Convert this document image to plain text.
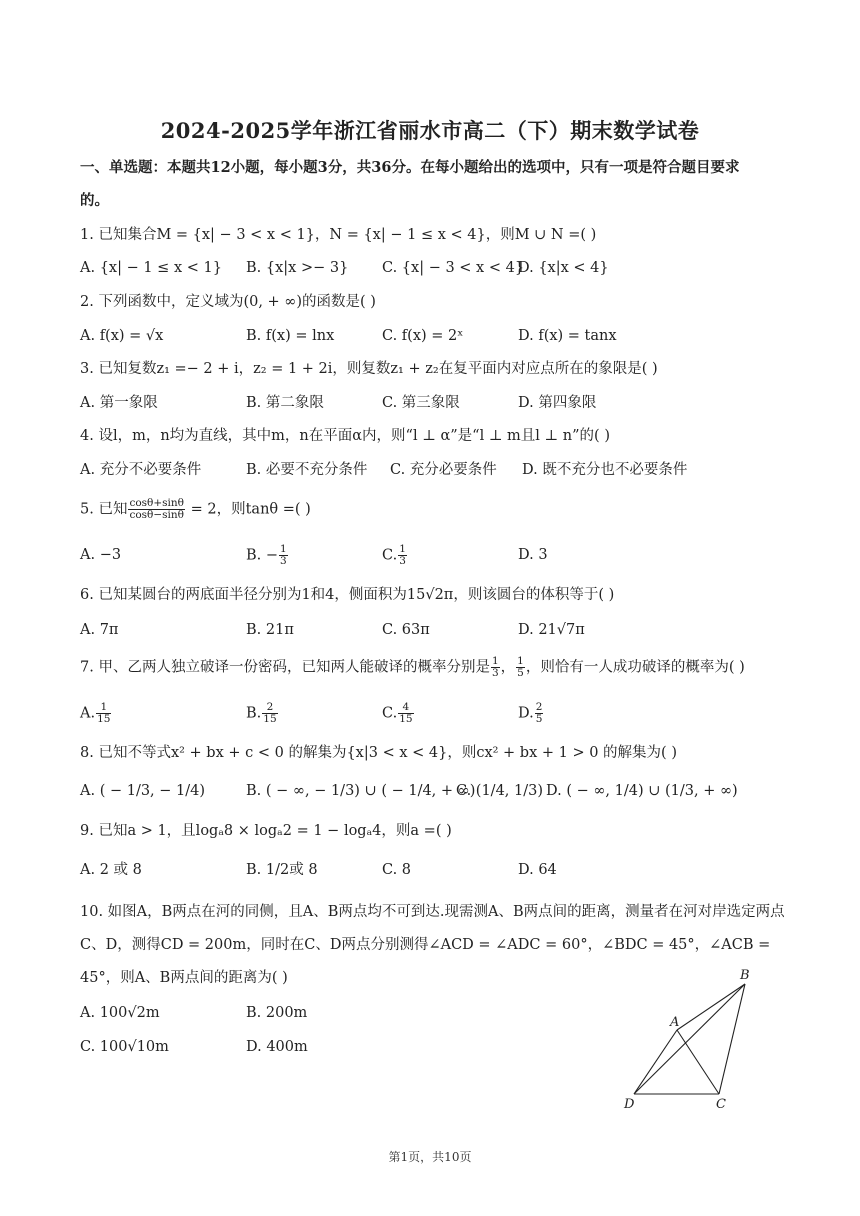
2024-2025学年浙江省丽水市高二（下）期末数学试卷
一、单选题：本题共12小题，每小题3分，共36分。在每小题给出的选项中，只有一项是符合题目要求
的。
1. 已知集合M = {x| − 3 < x < 1}，N = {x| − 1 ≤ x < 4}，则M ∪ N =( )
A. {x| − 1 ≤ x < 1} B. {x|x >− 3} C. {x| − 3 < x < 4}
D. {x|x < 4}
2. 下列函数中，定义域为(0, + ∞)的函数是( )
A. f(x) = √x	B. f(x) = lnx	C. f(x) = 2ˣ	D. f(x) = tanx
3. 已知复数z₁ =− 2 + i，z₂ = 1 + 2i，则复数z₁ + z₂在复平面内对应点所在的象限是( )
A. 第一象限	B. 第二象限	C. 第三象限	D. 第四象限
4. 设l，m，n均为直线，其中m，n在平面α内，则“l ⊥ α”是“l ⊥ m且l ⊥ n”的( )
A. 充分不必要条件	B. 必要不充分条件 C. 充分必要条件 D. 既不充分也不必要条件
5. 已知 $\frac{\cos\theta+\sin\theta}{\cos\theta-\sin\theta} = 2$，则tanθ =( )
A. −3	B. − $\frac{1}{3}$	C. $\frac{1}{3}$	D. 3
6. 已知某圆台的两底面半径分别为1和4，侧面积为15√2π，则该圆台的体积等于( )
A. 7π	B. 21π	C. 63π	D. 21√7π
7. 甲、乙两人独立破译一份密码，已知两人能破译的概率分别是 $\frac{1}{3}$ ， $\frac{1}{5}$ ，则恰有一人成功破译的概率为( )
A. $\frac{1}{15}$	B. $\frac{2}{15}$	C. $\frac{4}{15}$	D. $\frac{2}{5}$
8. 已知不等式x² + bx + c < 0 的解集为{x|3 < x < 4}，则cx² + bx + 1 > 0 的解集为( )
A. ( − 1/3, − 1/4)	B. ( − ∞, − 1/3) ∪ ( − 1/4, + ∞)
C. (1/4, 1/3) D. ( − ∞, 1/4) ∪ (1/3, + ∞)
9. 已知a > 1，且logₐ8 × logₐ2 = 1 − logₐ4，则a =( )
A. 2 或 8	B. 1/2或 8	C. 8	D. 64
10. 如图A，B两点在河的同侧，且A、B两点均不可到达.现需测A、B两点间的距离，测量者在河对岸选定两点C、D，测得CD = 200m，同时在C、D两点分别测得∠ACD = ∠ADC = 60°，∠BDC = 45°，∠ACB = 45°，则A、B两点间的距离为( )
A. 100√2m	B. 200m
C. 100√10m	D. 400m
A
B
C
D
第1页，共10页
